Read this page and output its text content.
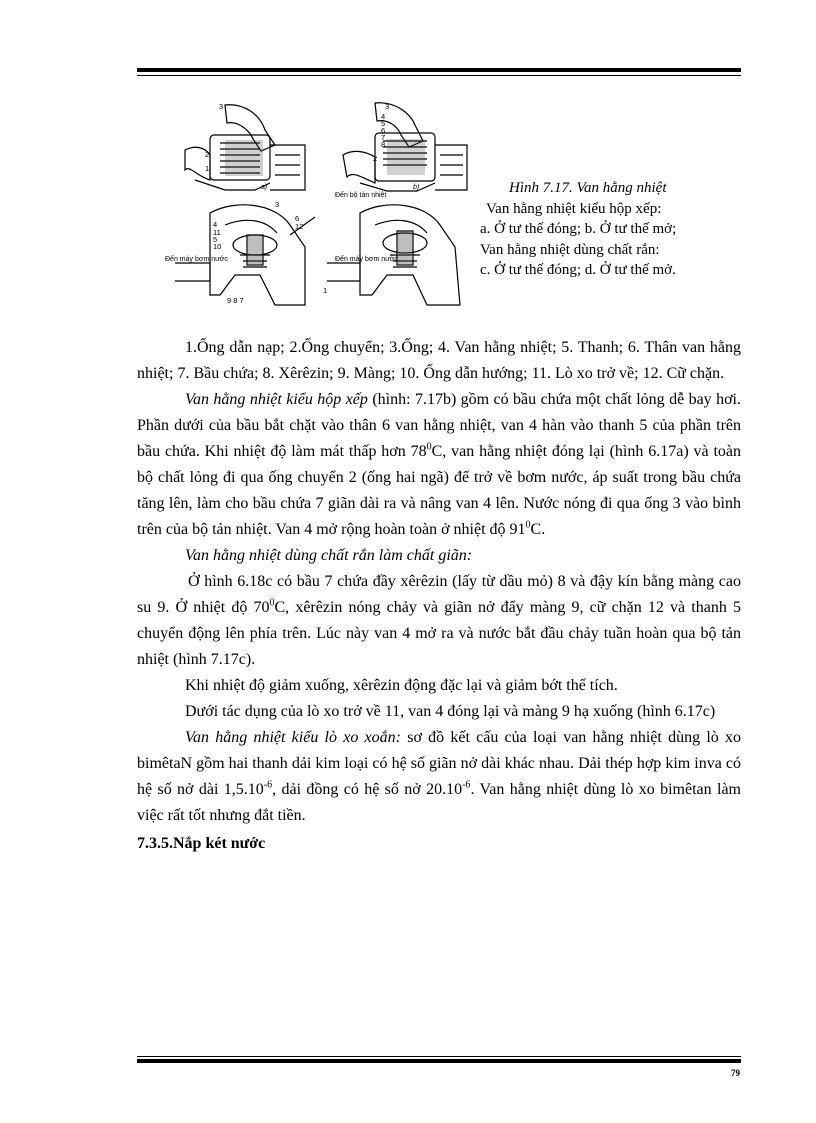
3
2
1
3
4
5
6
7
8
2
3
4
11
5
10
6
12
1
9 8 7
a)	b)
Đến bộ tản nhiệt
Đến máy bơm nước	Đến máy bơm nước
Hình 7.17. Van hằng nhiệt
Van hằng nhiệt kiểu hộp xếp:
a. Ở tư thế đóng; b. Ở tư thế mở;
Van hằng nhiệt dùng chất rắn:
c. Ở tư thế đóng; d. Ở tư thế mở.

1.Ống dẫn nạp; 2.Ống chuyển; 3.Ống; 4. Van hằng nhiệt; 5. Thanh; 6. Thân van hằng nhiệt; 7. Bầu chứa; 8. Xêrêzin; 9. Màng; 10. Ống dẫn hướng; 11. Lò xo trở về; 12. Cữ chặn.

Van hằng nhiệt kiểu hộp xếp (hình: 7.17b) gồm có bầu chứa một chất lỏng dễ bay hơi. Phần dưới của bầu bắt chặt vào thân 6 van hằng nhiệt, van 4 hàn vào thanh 5 của phần trên bầu chứa. Khi nhiệt độ làm mát thấp hơn $78^0C$, van hằng nhiệt đóng lại (hình 6.17a) và toàn bộ chất lỏng đi qua ống chuyển 2 (ống hai ngã) để trở về bơm nước, áp suất trong bầu chứa tăng lên, làm cho bầu chứa 7 giãn dài ra và nâng van 4 lên. Nước nóng đi qua ống 3 vào bình trên của bộ tản nhiệt. Van 4 mở rộng hoàn toàn ở nhiệt độ $91^0C$.

Van hằng nhiệt dùng chất rắn làm chất giãn:

Ở hình 6.18c có bầu 7 chứa đầy xêrêzin (lấy từ dầu mỏ) 8 và đậy kín bằng màng cao su 9. Ở nhiệt độ $70^0C$, xêrêzin nóng chảy và giãn nở đẩy màng 9, cữ chặn 12 và thanh 5 chuyển động lên phía trên. Lúc này van 4 mở ra và nước bắt đầu chảy tuần hoàn qua bộ tản nhiệt (hình 7.17c).

Khi nhiệt độ giảm xuống, xêrêzin động đặc lại và giảm bớt thể tích.

Dưới tác dụng của lò xo trở về 11, van 4 đóng lại và màng 9 hạ xuống (hình 6.17c)

Van hằng nhiệt kiểu lò xo xoắn: sơ đồ kết cấu của loại van hằng nhiệt dùng lò xo bimêtaN gồm hai thanh dải kim loại có hệ số giãn nở dài khác nhau. Dải thép hợp kim inva có hệ số nở dài $1,5.10^{-6}$, dải đồng có hệ số nở $20.10^{-6}$. Van hằng nhiệt dùng lò xo bimêtan làm việc rất tốt nhưng đắt tiền.

7.3.5.Nắp két nước

79
